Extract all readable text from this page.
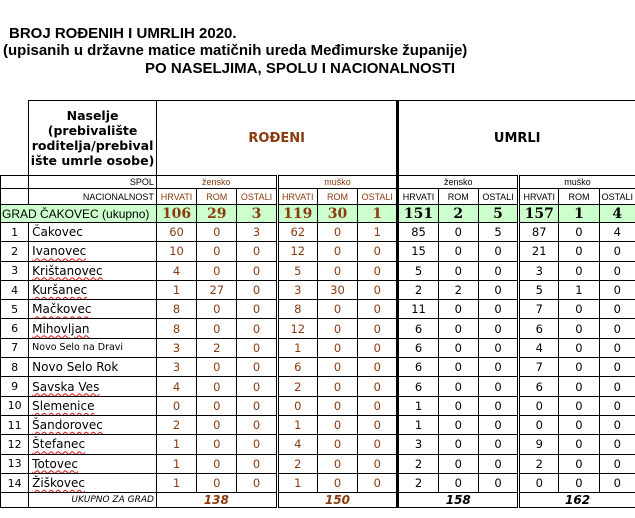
BROJ ROĐENIH I UMRLIH 2020.
(upisanih u državne matice matičnih ureda Međimurske županije)
PO NASELJIMA, SPOLU I NACIONALNOSTI
	Naselje (prebivalište roditelja/prebival ište umrle osobe)	ROĐENI						UMRLI					
	SPOL	žensko			muško			žensko			muško		
	NACIONALNOST	HRVATI	ROM	OSTALI	HRVATI	ROM	OSTALI	HRVATI	ROM	OSTALI	HRVATI	ROM	OSTALI
GRAD ČAKOVEC (ukupno)		106	29	3	119	30	1	151	2	5	157	1	4
1	Čakovec	60	0	3	62	0	1	85	0	5	87	0	4
2	Ivanovec	10	0	0	12	0	0	15	0	0	21	0	0
3	Krištanovec	4	0	0	5	0	0	5	0	0	3	0	0
4	Kuršanec	1	27	0	3	30	0	2	2	0	5	1	0
5	Mačkovec	8	0	0	8	0	0	11	0	0	7	0	0
6	Mihovljan	8	0	0	12	0	0	6	0	0	6	0	0
7	Novo Selo na Dravi	3	2	0	1	0	0	6	0	0	4	0	0
8	Novo Selo Rok	3	0	0	6	0	0	6	0	0	7	0	0
9	Savska Ves	4	0	0	2	0	0	6	0	0	6	0	0
10	Slemenice	0	0	0	0	0	0	1	0	0	0	0	0
11	Šandorovec	2	0	0	1	0	0	1	0	0	0	0	0
12	Štefanec	1	0	0	4	0	0	3	0	0	9	0	0
13	Totovec	1	0	0	2	0	0	2	0	0	2	0	0
14	Žiškovec	1	0	0	1	0	0	2	0	0	0	0	0
	UKUPNO ZA GRAD	138			150			158			162		
